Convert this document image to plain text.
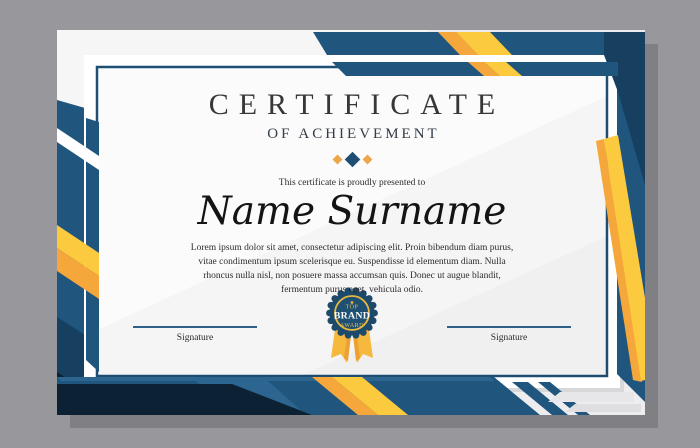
TOP
BRAND
AWARD
CERTIFICATE
OF ACHIEVEMENT
This certificate is proudly presented to
Name Surname

Lorem ipsum dolor sit amet, consectetur adipiscing elit. Proin bibendum diam purus, vitae condimentum ipsum scelerisque eu. Suspendisse id elementum diam. Nulla rhoncus nulla nisl, non posuere massa accumsan quis. Donec ut augue blandit, fermentum purus eget, vehicula odio.

Signature	Signature
